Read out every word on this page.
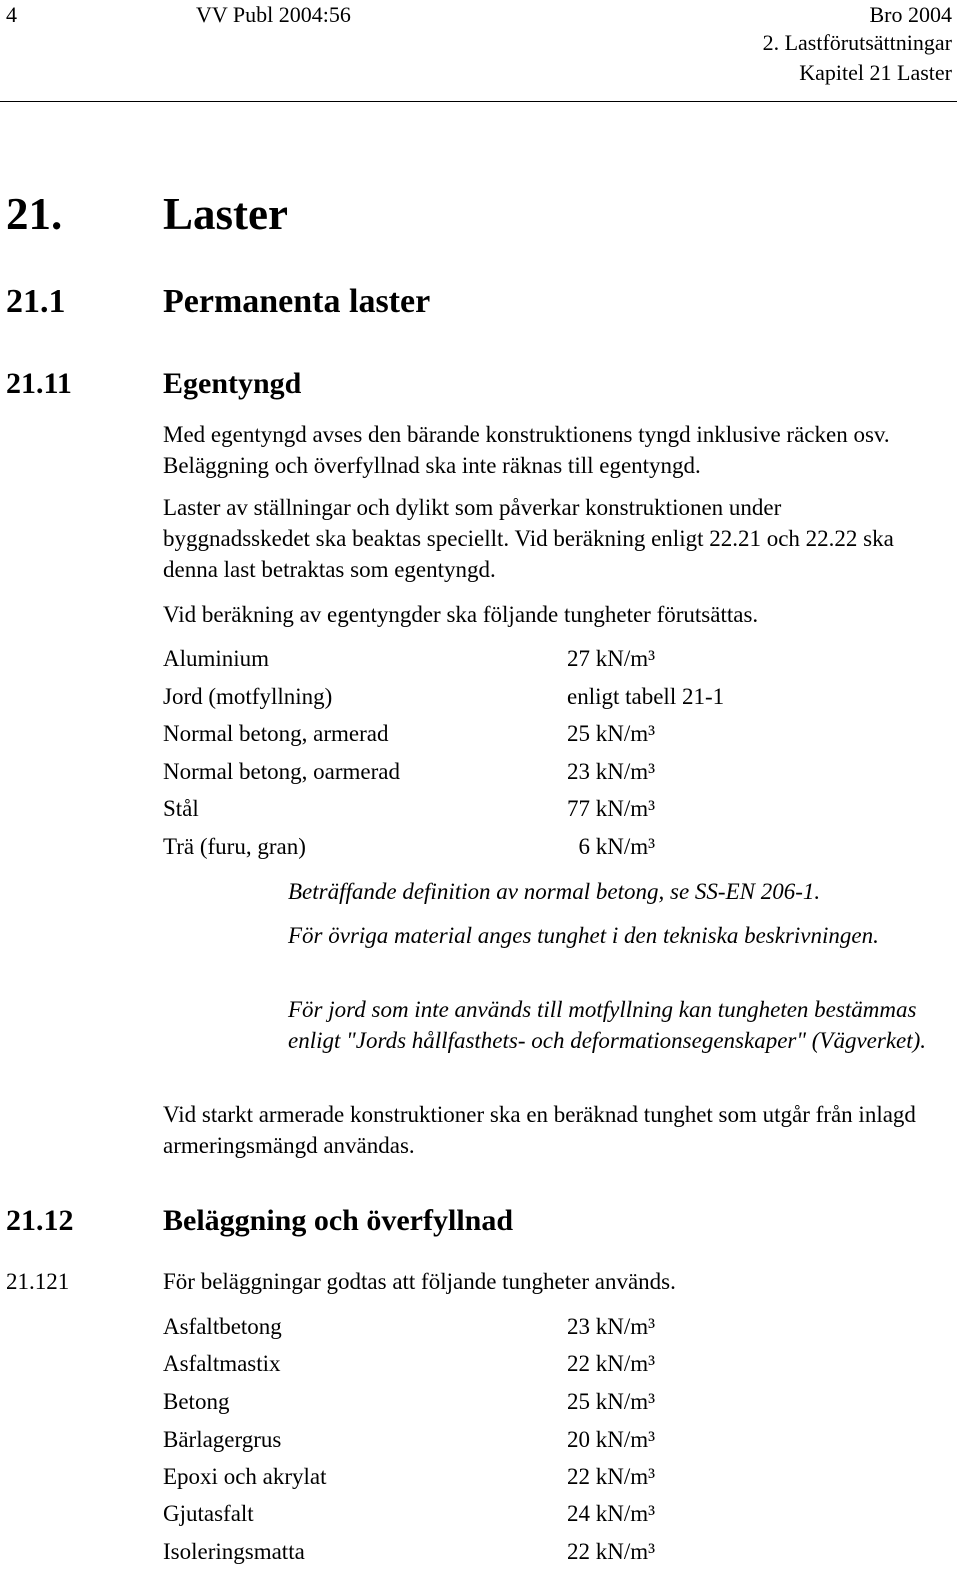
4	VV Publ 2004:56	Bro 2004
2. Lastförutsättningar
Kapitel 21 Laster
21. Laster
21.1	Permanenta laster
21.11	Egentyngd
Med egentyngd avses den bärande konstruktionens tyngd inklusive räcken osv. Beläggning och överfyllnad ska inte räknas till egentyngd.
Laster av ställningar och dylikt som påverkar konstruktionen under byggnadsskedet ska beaktas speciellt. Vid beräkning enligt 22.21 och 22.22 ska denna last betraktas som egentyngd.
Vid beräkning av egentyngder ska följande tungheter förutsättas.
Aluminium	27 kN/m³
Jord (motfyllning)	enligt tabell 21-1
Normal betong, armerad	25 kN/m³
Normal betong, oarmerad	23 kN/m³
Stål	77 kN/m³
Trä (furu, gran)	6 kN/m³
Beträffande definition av normal betong, se SS-EN 206-1.
För övriga material anges tunghet i den tekniska beskrivningen.
För jord som inte används till motfyllning kan tungheten bestämmas enligt "Jords hållfasthets- och deformationsegenskaper" (Vägverket).
Vid starkt armerade konstruktioner ska en beräknad tunghet som utgår från inlagd armeringsmängd användas.
21.12	Beläggning och överfyllnad
21.121	För beläggningar godtas att följande tungheter används.
Asfaltbetong	23 kN/m³
Asfaltmastix	22 kN/m³
Betong	25 kN/m³
Bärlagergrus	20 kN/m³
Epoxi och akrylat	22 kN/m³
Gjutasfalt	24 kN/m³
Isoleringsmatta	22 kN/m³
